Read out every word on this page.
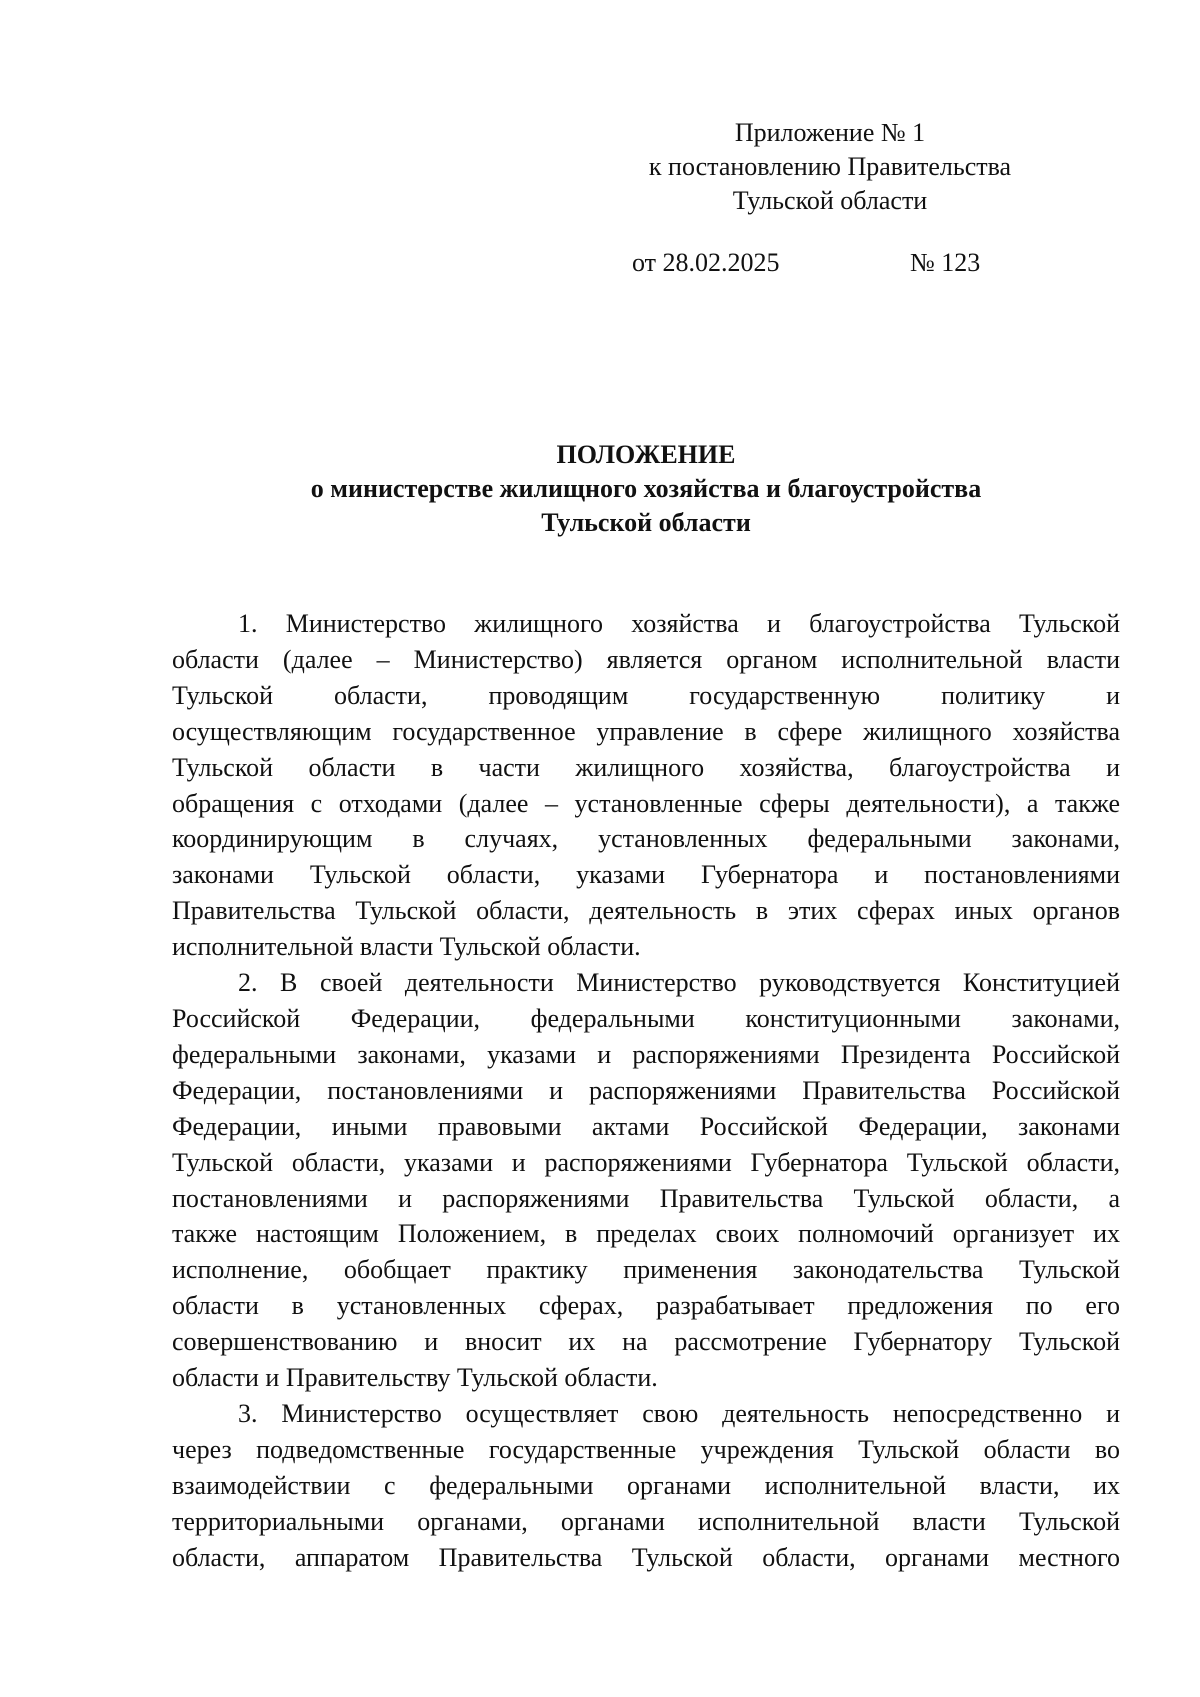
Приложение № 1
к постановлению Правительства
Тульской области
от 28.02.2025	№ 123
ПОЛОЖЕНИЕ
о министерстве жилищного хозяйства и благоустройства
Тульской области
1. Министерство жилищного хозяйства и благоустройства Тульской
области (далее – Министерство) является органом исполнительной власти
Тульской области, проводящим государственную политику и
осуществляющим государственное управление в сфере жилищного хозяйства
Тульской области в части жилищного хозяйства, благоустройства и
обращения с отходами (далее – установленные сферы деятельности), а также
координирующим в случаях, установленных федеральными законами,
законами Тульской области, указами Губернатора и постановлениями
Правительства Тульской области, деятельность в этих сферах иных органов
исполнительной власти Тульской области.
2. В своей деятельности Министерство руководствуется Конституцией
Российской Федерации, федеральными конституционными законами,
федеральными законами, указами и распоряжениями Президента Российской
Федерации, постановлениями и распоряжениями Правительства Российской
Федерации, иными правовыми актами Российской Федерации, законами
Тульской области, указами и распоряжениями Губернатора Тульской области,
постановлениями и распоряжениями Правительства Тульской области, а
также настоящим Положением, в пределах своих полномочий организует их
исполнение, обобщает практику применения законодательства Тульской
области в установленных сферах, разрабатывает предложения по его
совершенствованию и вносит их на рассмотрение Губернатору Тульской
области и Правительству Тульской области.
3. Министерство осуществляет свою деятельность непосредственно и
через подведомственные государственные учреждения Тульской области во
взаимодействии с федеральными органами исполнительной власти, их
территориальными органами, органами исполнительной власти Тульской
области, аппаратом Правительства Тульской области, органами местного
